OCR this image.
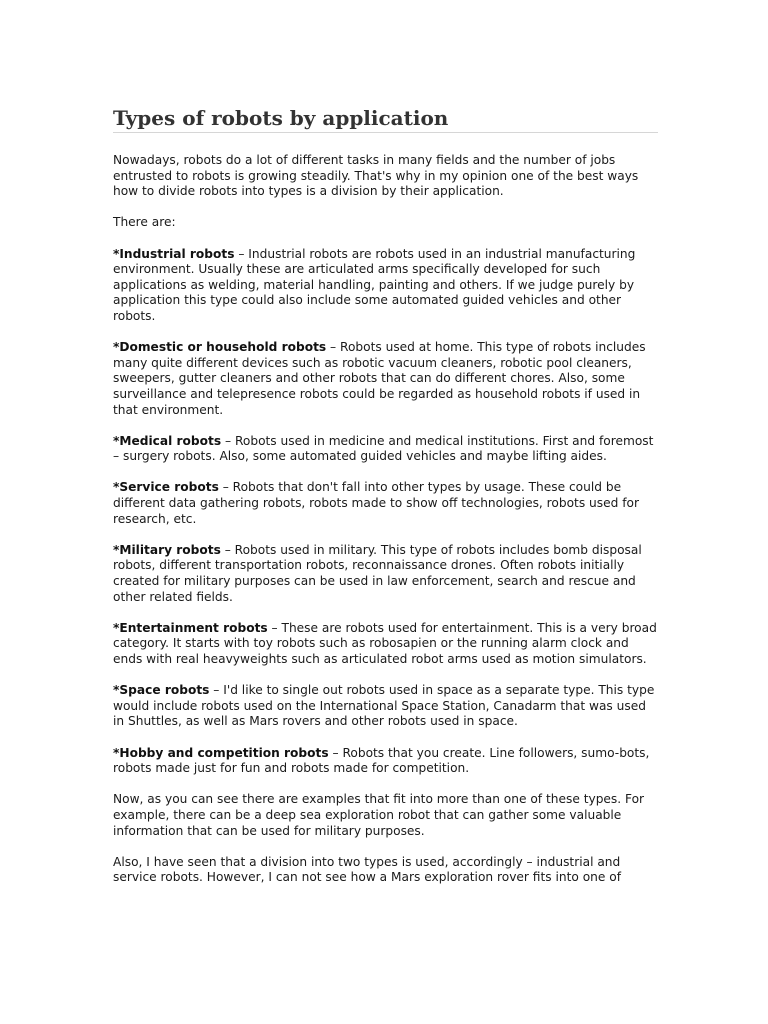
Types of robots by application

Nowadays, robots do a lot of different tasks in many fields and the number of jobs entrusted to robots is growing steadily. That's why in my opinion one of the best ways how to divide robots into types is a division by their application.

There are:

*Industrial robots – Industrial robots are robots used in an industrial manufacturing environment. Usually these are articulated arms specifically developed for such applications as welding, material handling, painting and others. If we judge purely by application this type could also include some automated guided vehicles and other robots.

*Domestic or household robots – Robots used at home. This type of robots includes many quite different devices such as robotic vacuum cleaners, robotic pool cleaners, sweepers, gutter cleaners and other robots that can do different chores. Also, some surveillance and telepresence robots could be regarded as household robots if used in that environment.

*Medical robots – Robots used in medicine and medical institutions. First and foremost – surgery robots. Also, some automated guided vehicles and maybe lifting aides.

*Service robots – Robots that don't fall into other types by usage. These could be different data gathering robots, robots made to show off technologies, robots used for research, etc.

*Military robots – Robots used in military. This type of robots includes bomb disposal robots, different transportation robots, reconnaissance drones. Often robots initially created for military purposes can be used in law enforcement, search and rescue and other related fields.

*Entertainment robots – These are robots used for entertainment. This is a very broad category. It starts with toy robots such as robosapien or the running alarm clock and ends with real heavyweights such as articulated robot arms used as motion simulators.

*Space robots – I'd like to single out robots used in space as a separate type. This type would include robots used on the International Space Station, Canadarm that was used in Shuttles, as well as Mars rovers and other robots used in space.

*Hobby and competition robots – Robots that you create. Line followers, sumo-bots, robots made just for fun and robots made for competition.

Now, as you can see there are examples that fit into more than one of these types. For example, there can be a deep sea exploration robot that can gather some valuable information that can be used for military purposes.

Also, I have seen that a division into two types is used, accordingly – industrial and service robots. However, I can not see how a Mars exploration rover fits into one of
